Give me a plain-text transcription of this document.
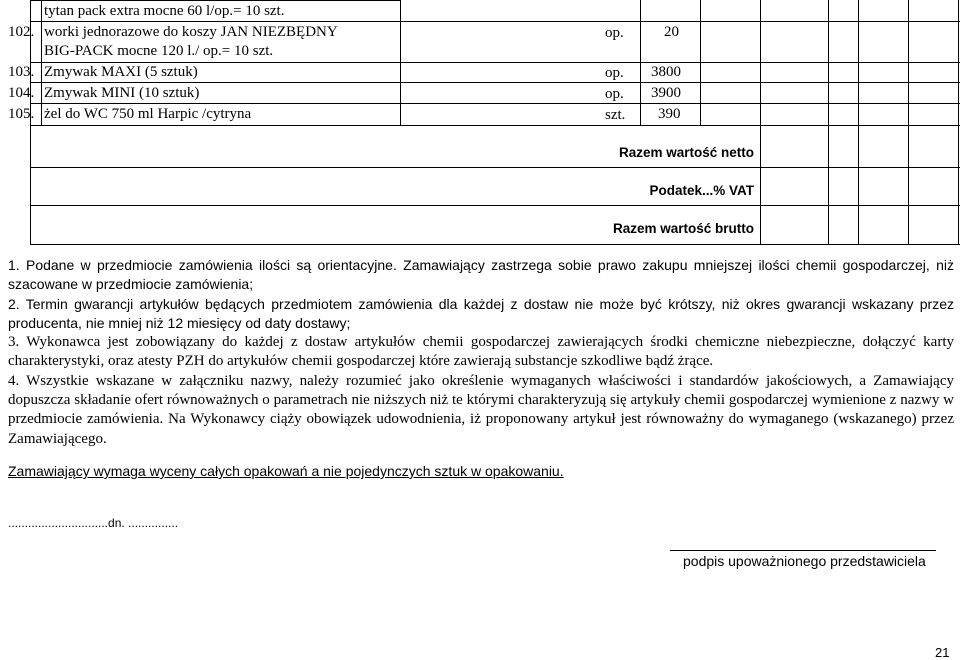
tytan pack extra mocne 60 l/op.= 10 szt.
102. worki jednorazowe do koszy JAN NIEZBĘDNY	op.	20
BIG-PACK mocne 120 l./ op.= 10 szt.
103. Zmywak MAXI (5 sztuk)	op. 3800
104. Zmywak MINI (10 sztuk)	op. 3900
105. żel do WC 750 ml Harpic /cytryna	szt. 390
Razem wartość netto
Podatek...% VAT
Razem wartość brutto

1. Podane w przedmiocie zamówienia ilości są orientacyjne. Zamawiający zastrzega sobie prawo zakupu mniejszej ilości chemii gospodarczej, niż szacowane w przedmiocie zamówienia;

2. Termin gwarancji artykułów będących przedmiotem zamówienia dla każdej z dostaw nie może być krótszy, niż okres gwarancji wskazany przez producenta, nie mniej niż 12 miesięcy od daty dostawy;

3. Wykonawca jest zobowiązany do każdej z dostaw artykułów chemii gospodarczej zawierających środki chemiczne niebezpieczne, dołączyć karty charakterystyki, oraz atesty PZH do artykułów chemii gospodarczej które zawierają substancje szkodliwe bądź żrące.

4. Wszystkie wskazane w załączniku nazwy, należy rozumieć jako określenie wymaganych właściwości i standardów jakościowych, a Zamawiający dopuszcza składanie ofert równoważnych o parametrach nie niższych niż te którymi charakteryzują się artykuły chemii gospodarczej wymienione z nazwy w przedmiocie zamówienia. Na Wykonawcy ciąży obowiązek udowodnienia, iż proponowany artykuł jest równoważny do wymaganego (wskazanego) przez Zamawiającego.

Zamawiający wymaga wyceny całych opakowań a nie pojedynczych sztuk w opakowaniu.
..............................dn. ...............
podpis upoważnionego przedstawiciela
21
